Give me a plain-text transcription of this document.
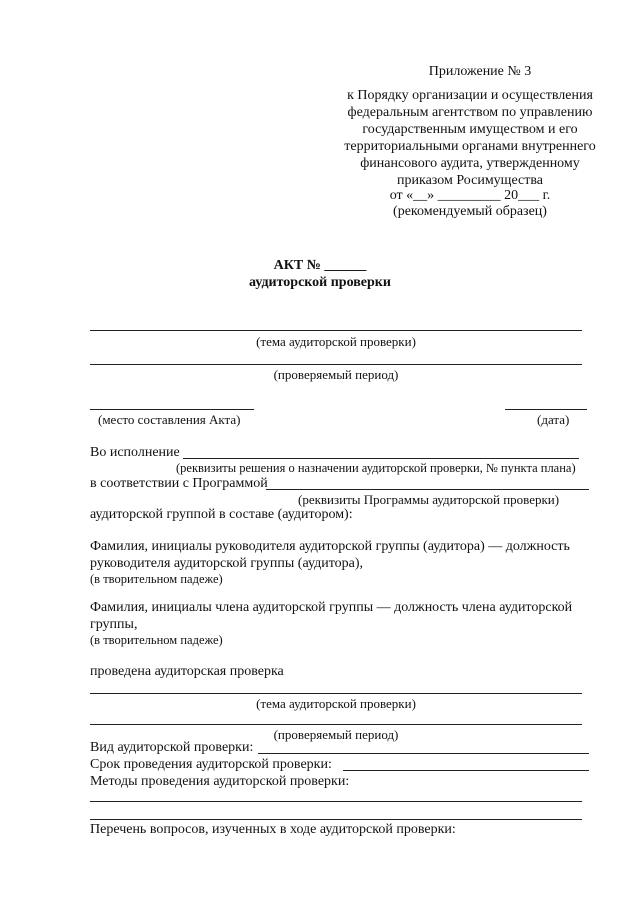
Приложение № 3
к Порядку организации и осуществления
федеральным агентством по управлению
государственным имуществом и его
территориальными органами внутреннего
финансового аудита, утвержденному
приказом Росимущества
от «__» _________ 20___ г.
(рекомендуемый образец)
АКТ № ______
аудиторской проверки
(тема аудиторской проверки)
(проверяемый период)
(место составления Акта)	(дата)
Во исполнение
(реквизиты решения о назначении аудиторской проверки, № пункта плана)
в соответствии с Программой
(реквизиты Программы аудиторской проверки)
аудиторской группой в составе (аудитором):
Фамилия, инициалы руководителя аудиторской группы (аудитора) — должность
руководителя аудиторской группы (аудитора),
(в творительном падеже)
Фамилия, инициалы члена аудиторской группы — должность члена аудиторской
группы,
(в творительном падеже)
проведена аудиторская проверка
(тема аудиторской проверки)
(проверяемый период)
Вид аудиторской проверки:
Срок проведения аудиторской проверки:
Методы проведения аудиторской проверки:
Перечень вопросов, изученных в ходе аудиторской проверки:
